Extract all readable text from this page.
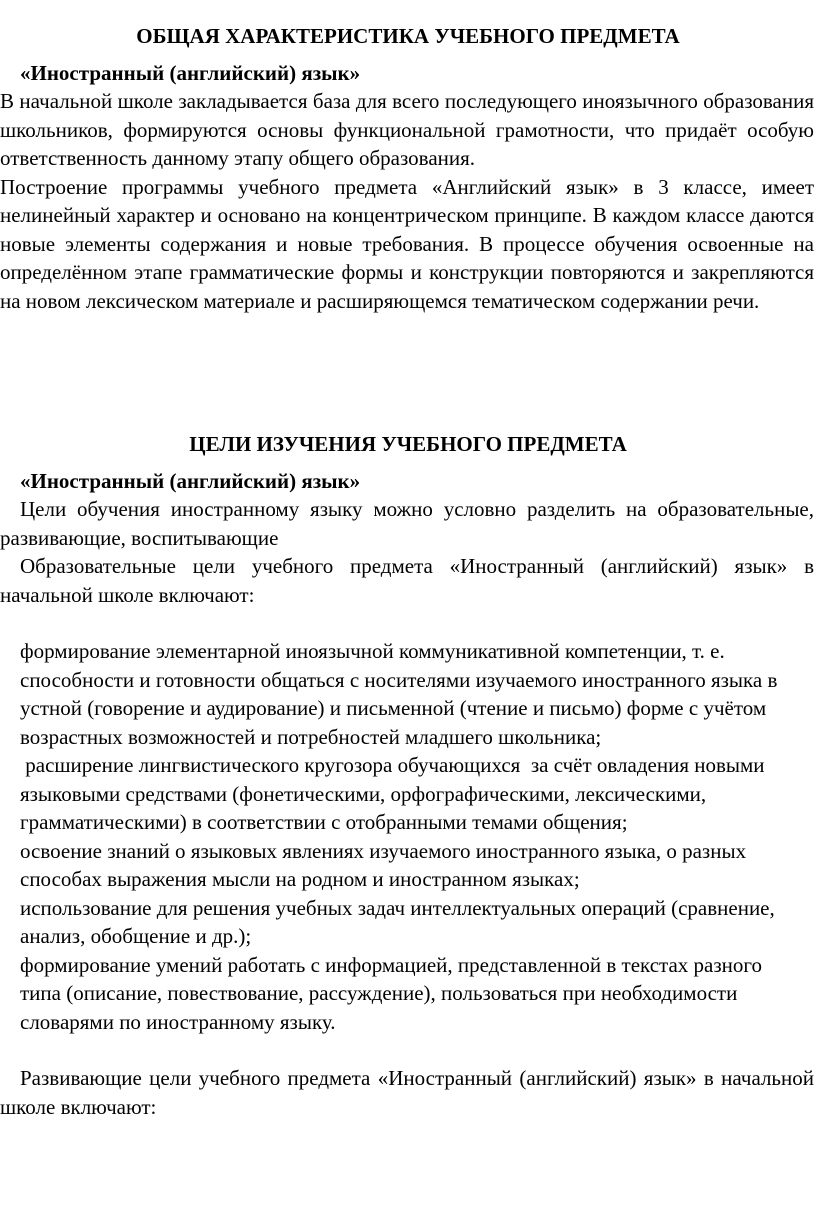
ОБЩАЯ ХАРАКТЕРИСТИКА УЧЕБНОГО ПРЕДМЕТА

«Иностранный (английский) язык»

В начальной школе закладывается база для всего последующего иноязычного образования школьников, формируются основы функциональной грамотности, что придаёт особую ответственность данному этапу общего образования.

Построение программы учебного предмета «Английский язык» в 3 классе, имеет нелинейный характер и основано на концентрическом принципе. В каждом классе даются новые элементы содержания и новые требования. В процессе обучения освоенные на определённом этапе грамматические формы и конструкции повторяются и закрепляются на новом лексическом материале и расширяющемся тематическом содержании речи.

ЦЕЛИ ИЗУЧЕНИЯ УЧЕБНОГО ПРЕДМЕТА

«Иностранный (английский) язык»

Цели обучения иностранному языку можно условно разделить на образовательные, развивающие, воспитывающие

Образовательные цели учебного предмета «Иностранный (английский) язык» в начальной школе включают:

формирование элементарной иноязычной коммуникативной компетенции, т. е. способности и готовности общаться с носителями изучаемого иностранного языка в устной (говорение и аудирование) и письменной (чтение и письмо) форме с учётом возрастных возможностей и потребностей младшего школьника;

расширение лингвистического кругозора обучающихся  за счёт овладения новыми языковыми средствами (фонетическими, орфографическими, лексическими, грамматическими) в соответствии c отобранными темами общения;

освоение знаний о языковых явлениях изучаемого иностранного языка, о разных способах выражения мысли на родном и иностранном языках;

использование для решения учебных задач интеллектуальных операций (сравнение, анализ, обобщение и др.);

формирование умений работать с информацией, представленной в текстах разного типа (описание, повествование, рассуждение), пользоваться при необходимости словарями по иностранному языку.

Развивающие цели учебного предмета «Иностранный (английский) язык» в начальной школе включают:
